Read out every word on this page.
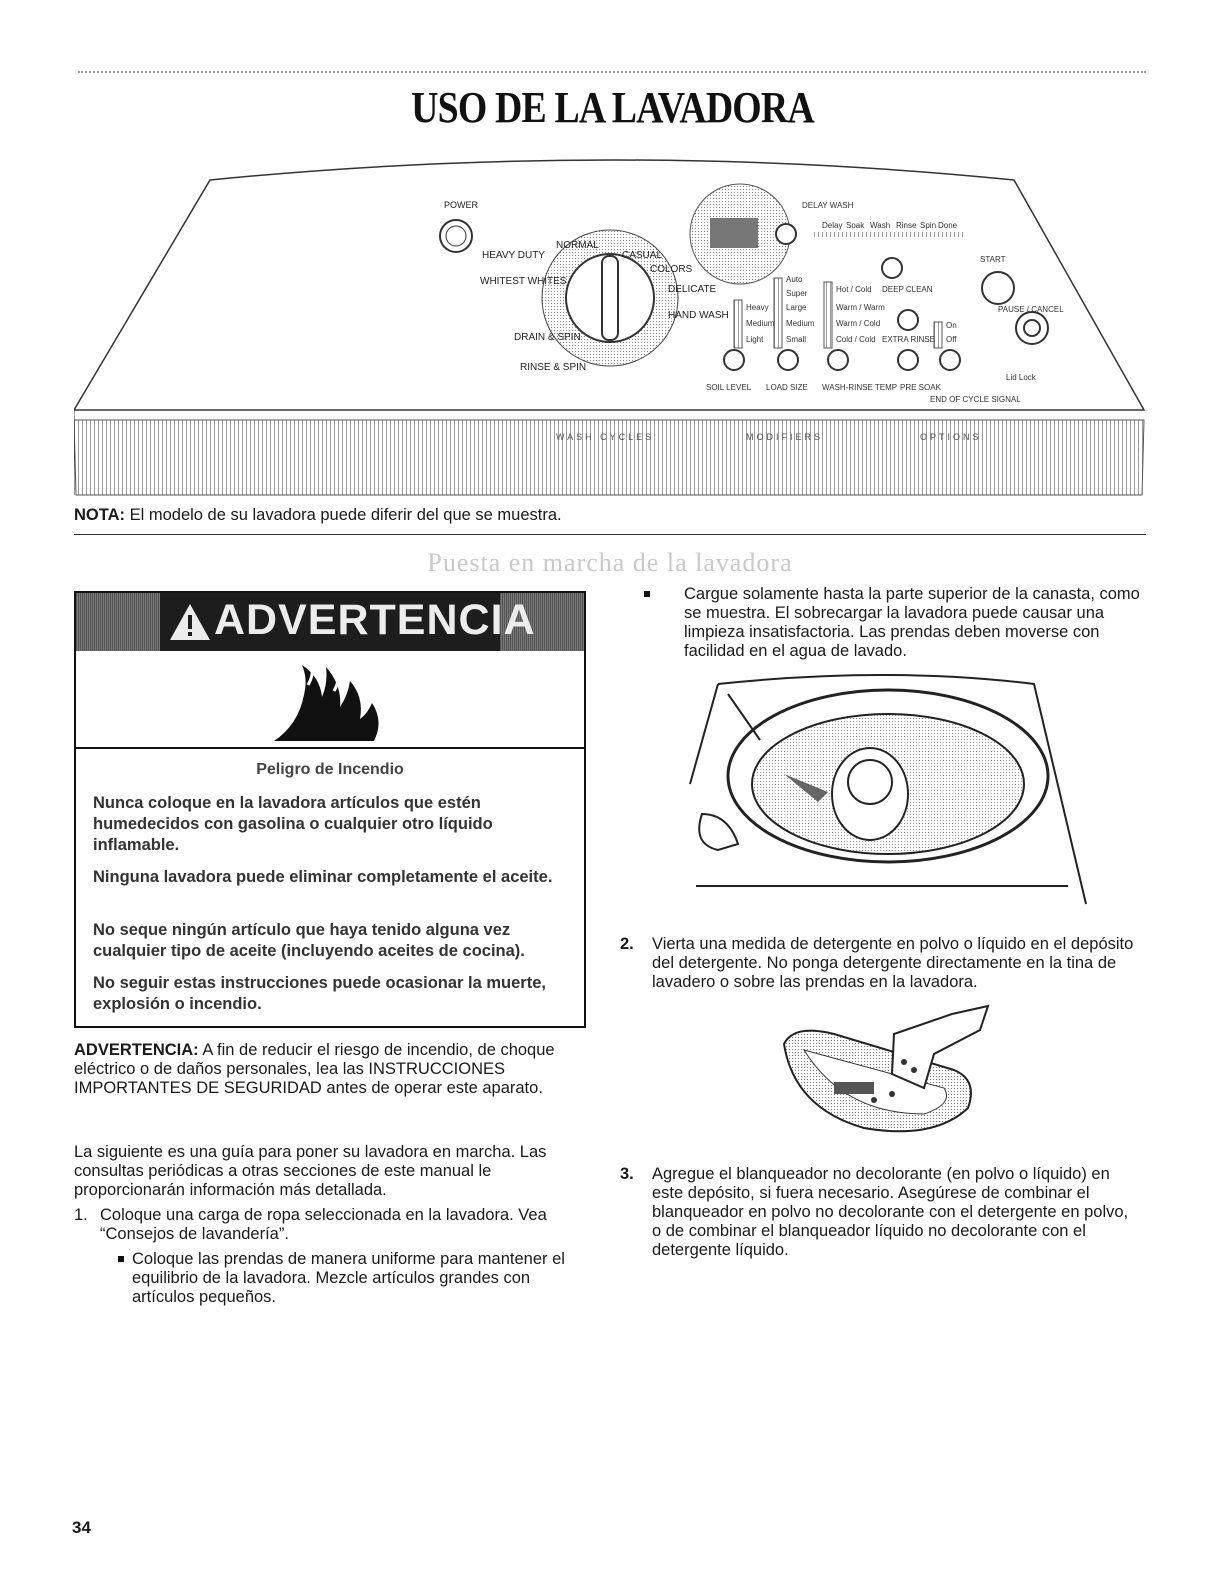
USO DE LA LAVADORA
POWER
HEAVY DUTY
NORMAL
CASUAL
WHITEST WHITES
COLORS
DELICATE
HAND WASH
DRAIN & SPIN
RINSE & SPIN
DELAY WASH
Delay Soak Wash Rinse Spin Done
Heavy
Medium
Light
Auto
Super
Large
Medium
Small
Hot / Cold
Warm / Warm
Warm / Cold
Cold / Cold
DEEP CLEAN
EXTRA RINSE
On
Off
START
PAUSE / CANCEL
Lid Lock
SOIL LEVEL LOAD SIZE WASH-RINSE TEMP PRE SOAK
END OF CYCLE SIGNAL
WASH CYCLES	MODIFIERS	OPTIONS
NOTA: El modelo de su lavadora puede diferir del que se muestra.
Puesta en marcha de la lavadora
ADVERTENCIA
Peligro de Incendio
Nunca coloque en la lavadora artículos que estén humedecidos con gasolina o cualquier otro líquido inflamable.
Ninguna lavadora puede eliminar completamente el aceite.
No seque ningún artículo que haya tenido alguna vez cualquier tipo de aceite (incluyendo aceites de cocina).
No seguir estas instrucciones puede ocasionar la muerte, explosión o incendio.
ADVERTENCIA: A fin de reducir el riesgo de incendio, de choque eléctrico o de daños personales, lea las INSTRUCCIONES IMPORTANTES DE SEGURIDAD antes de operar este aparato.
La siguiente es una guía para poner su lavadora en marcha. Las consultas periódicas a otras secciones de este manual le proporcionarán información más detallada.
1. Coloque una carga de ropa seleccionada en la lavadora. Vea “Consejos de lavandería”.
Coloque las prendas de manera uniforme para mantener el equilibrio de la lavadora. Mezcle artículos grandes con artículos pequeños.
Cargue solamente hasta la parte superior de la canasta, como se muestra. El sobrecargar la lavadora puede causar una limpieza insatisfactoria. Las prendas deben moverse con facilidad en el agua de lavado.
2. Vierta una medida de detergente en polvo o líquido en el depósito del detergente. No ponga detergente directamente en la tina de lavadero o sobre las prendas en la lavadora.
3. Agregue el blanqueador no decolorante (en polvo o líquido) en este depósito, si fuera necesario. Asegúrese de combinar el blanqueador en polvo no decolorante con el detergente en polvo, o de combinar el blanqueador líquido no decolorante con el detergente líquido.
34
